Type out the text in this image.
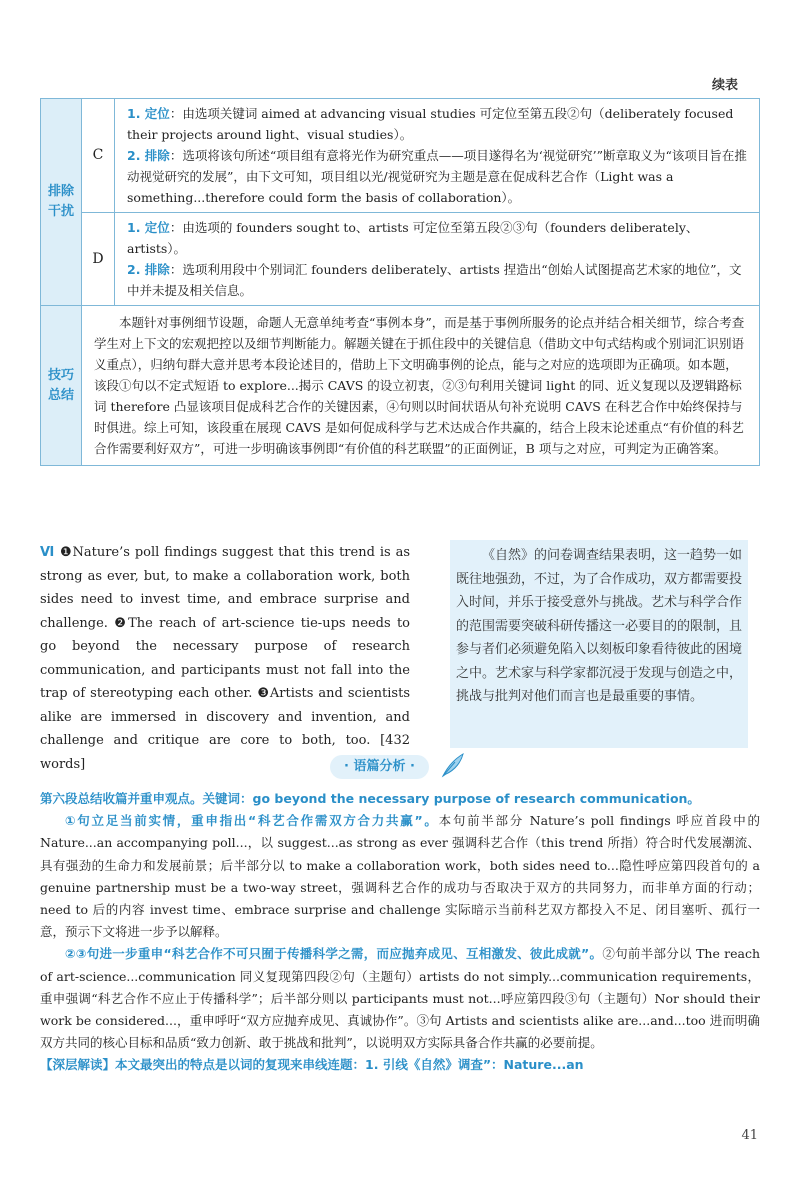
续表
排除干扰	C	1. 定位：由选项关键词 aimed at advancing visual studies 可定位至第五段②句（deliberately focused their projects around light、visual studies）。
2. 排除：选项将该句所述“项目组有意将光作为研究重点——项目遂得名为‘视觉研究’”断章取义为“该项目旨在推动视觉研究的发展”，由下文可知，项目组以光/视觉研究为主题是意在促成科艺合作（Light was a something...therefore could form the basis of collaboration）。

	D	1. 定位：由选项的 founders sought to、artists 可定位至第五段②③句（founders deliberately、artists）。
2. 排除：选项利用段中个别词汇 founders deliberately、artists 捏造出“创始人试图提高艺术家的地位”，文中并未提及相关信息。

技巧总结	本题针对事例细节设题，命题人无意单纯考查“事例本身”，而是基于事例所服务的论点并结合相关细节，综合考查学生对上下文的宏观把控以及细节判断能力。解题关键在于抓住段中的关键信息（借助文中句式结构或个别词汇识别语义重点），归纳句群大意并思考本段论述目的，借助上下文明确事例的论点，能与之对应的选项即为正确项。如本题，该段①句以不定式短语 to explore...揭示 CAVS 的设立初衷，②③句利用关键词 light 的同、近义复现以及逻辑路标词 therefore 凸显该项目促成科艺合作的关键因素，④句则以时间状语从句补充说明 CAVS 在科艺合作中始终保持与时俱进。综上可知，该段重在展现 CAVS 是如何促成科学与艺术达成合作共赢的，结合上段末论述重点“有价值的科艺合作需要利好双方”，可进一步明确该事例即“有价值的科艺联盟”的正面例证，B 项与之对应，可判定为正确答案。	
Ⅵ ❶Nature’s poll findings suggest that this trend is as strong as ever, but, to make a collaboration work, both sides need to invest time, and embrace surprise and challenge. ❷The reach of art-science tie-ups needs to go beyond the necessary purpose of research communication, and participants must not fall into the trap of stereotyping each other. ❸Artists and scientists alike are immersed in discovery and invention, and challenge and critique are core to both, too. [432 words]
《自然》的问卷调查结果表明，这一趋势一如既往地强劲，不过，为了合作成功，双方都需要投入时间，并乐于接受意外与挑战。艺术与科学合作的范围需要突破科研传播这一必要目的的限制，且参与者们必须避免陷入以刻板印象看待彼此的困境之中。艺术家与科学家都沉浸于发现与创造之中，挑战与批判对他们而言也是最重要的事情。
· 语篇分析 ·

第六段总结收篇并重申观点。关键词：go beyond the necessary purpose of research communication。

①句立足当前实情，重申指出“科艺合作需双方合力共赢”。本句前半部分 Nature’s poll findings 呼应首段中的 Nature...an accompanying poll...，以 suggest...as strong as ever 强调科艺合作（this trend 所指）符合时代发展潮流、具有强劲的生命力和发展前景；后半部分以 to make a collaboration work，both sides need to...隐性呼应第四段首句的 a genuine partnership must be a two-way street，强调科艺合作的成功与否取决于双方的共同努力，而非单方面的行动；need to 后的内容 invest time、embrace surprise and challenge 实际暗示当前科艺双方都投入不足、闭目塞听、孤行一意，预示下文将进一步予以解释。

②③句进一步重申“科艺合作不可只囿于传播科学之需，而应抛弃成见、互相激发、彼此成就”。②句前半部分以 The reach of art-science...communication 同义复现第四段②句（主题句）artists do not simply...communication requirements，重申强调“科艺合作不应止于传播科学”；后半部分则以 participants must not...呼应第四段③句（主题句）Nor should their work be considered...，重申呼吁“双方应抛弃成见、真诚协作”。③句 Artists and scientists alike are...and...too 进而明确双方共同的核心目标和品质“致力创新、敢于挑战和批判”，以说明双方实际具备合作共赢的必要前提。

【深层解读】本文最突出的特点是以词的复现来串线连题：1. 引线《自然》调查”：Nature...an

41
